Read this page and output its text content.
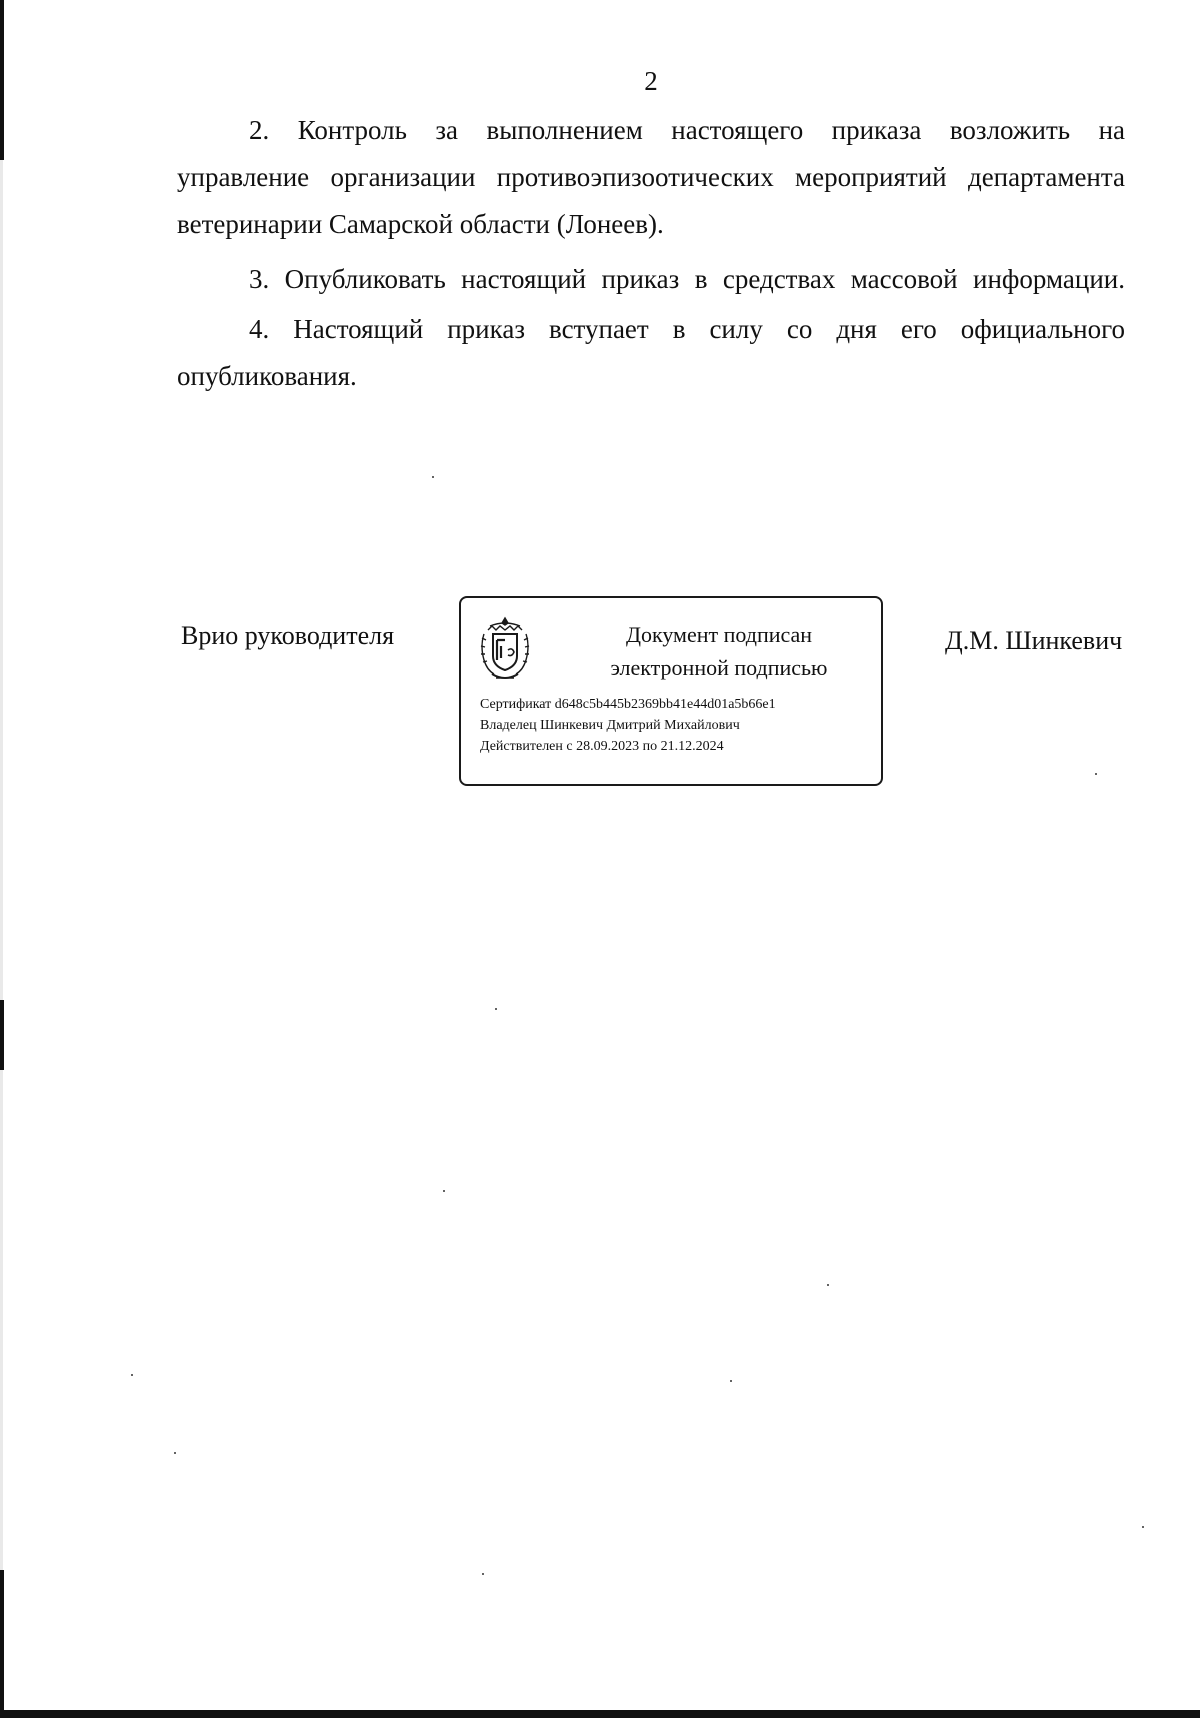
2

2. Контроль за выполнением настоящего приказа возложить на
управление организации противоэпизоотических мероприятий департамента
ветеринарии Самарской области (Лонеев).

3. Опубликовать настоящий приказ в средствах массовой информации.

4. Настоящий приказ вступает в силу со дня его официального
опубликования.

Врио руководителя	Документ подписан
электронной подписью
Сертификат d648c5b445b2369bb41e44d01a5b66e1
Владелец Шинкевич Дмитрий Михайлович
Действителен с 28.09.2023 по 21.12.2024
Д.М. Шинкевич
